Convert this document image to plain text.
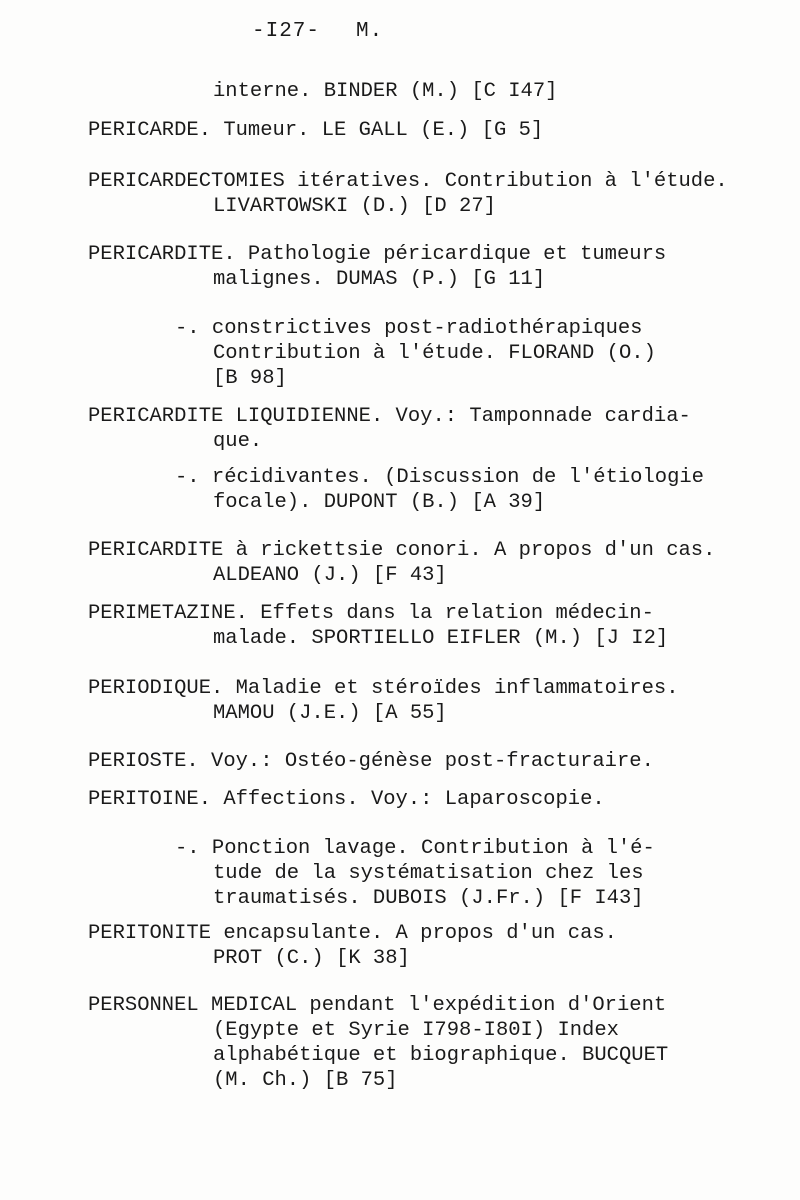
-I27- M.
interne. BINDER (M.) [C I47]
PERICARDE. Tumeur. LE GALL (E.) [G 5]
PERICARDECTOMIES itératives. Contribution à l'étude.
LIVARTOWSKI (D.) [D 27]
PERICARDITE. Pathologie péricardique et tumeurs
malignes. DUMAS (P.) [G 11]
-. constrictives post-radiothérapiques
Contribution à l'étude. FLORAND (O.)
[B 98]
PERICARDITE LIQUIDIENNE. Voy.: Tamponnade cardia-
que.
-. récidivantes. (Discussion de l'étiologie
focale). DUPONT (B.) [A 39]
PERICARDITE à rickettsie conori. A propos d'un cas.
ALDEANO (J.) [F 43]
PERIMETAZINE. Effets dans la relation médecin-
malade. SPORTIELLO EIFLER (M.) [J I2]
PERIODIQUE. Maladie et stéroïdes inflammatoires.
MAMOU (J.E.) [A 55]
PERIOSTE. Voy.: Ostéo-génèse post-fracturaire.
PERITOINE. Affections. Voy.: Laparoscopie.
-. Ponction lavage. Contribution à l'é-
tude de la systématisation chez les
traumatisés. DUBOIS (J.Fr.) [F I43]
PERITONITE encapsulante. A propos d'un cas.
PROT (C.) [K 38]
PERSONNEL MEDICAL pendant l'expédition d'Orient
(Egypte et Syrie I798-I80I) Index
alphabétique et biographique. BUCQUET
(M. Ch.) [B 75]
